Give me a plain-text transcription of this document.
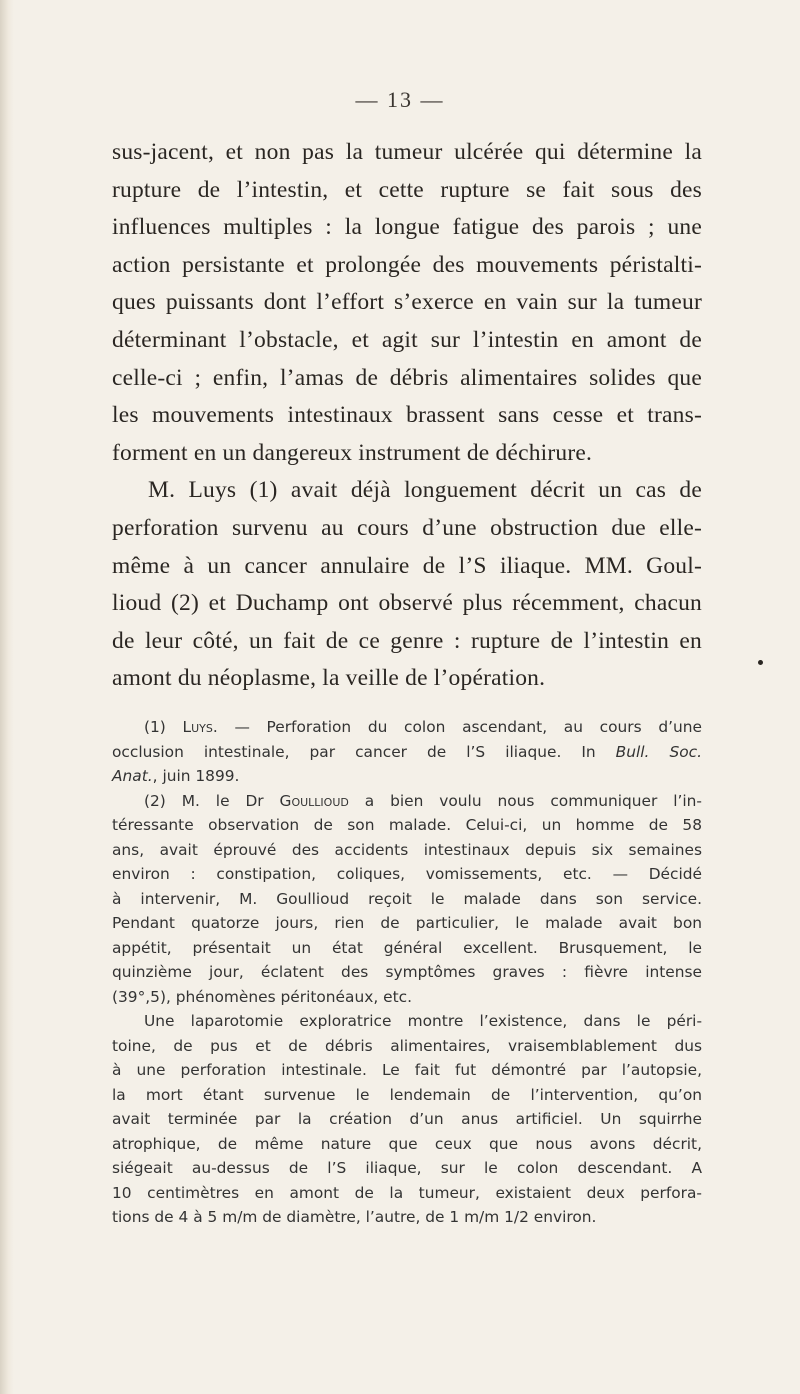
— 13 —
sus-jacent, et non pas la tumeur ulcérée qui détermine la
rupture de l’intestin, et cette rupture se fait sous des
influences multiples : la longue fatigue des parois ; une
action persistante et prolongée des mouvements péristalti-
ques puissants dont l’effort s’exerce en vain sur la tumeur
déterminant l’obstacle, et agit sur l’intestin en amont de
celle-ci ; enfin, l’amas de débris alimentaires solides que
les mouvements intestinaux brassent sans cesse et trans-
forment en un dangereux instrument de déchirure.
M. Luys (1) avait déjà longuement décrit un cas de
perforation survenu au cours d’une obstruction due elle-
même à un cancer annulaire de l’S iliaque. MM. Goul-
lioud (2) et Duchamp ont observé plus récemment, chacun
de leur côté, un fait de ce genre : rupture de l’intestin en
amont du néoplasme, la veille de l’opération.
(1) Luys. — Perforation du colon ascendant, au cours d’une
occlusion intestinale, par cancer de l’S iliaque. In Bull. Soc.
Anat., juin 1899.
(2) M. le Dr Goullioud a bien voulu nous communiquer l’in-
téressante observation de son malade. Celui-ci, un homme de 58
ans, avait éprouvé des accidents intestinaux depuis six semaines
environ : constipation, coliques, vomissements, etc. — Décidé
à intervenir, M. Goullioud reçoit le malade dans son service.
Pendant quatorze jours, rien de particulier, le malade avait bon
appétit, présentait un état général excellent. Brusquement, le
quinzième jour, éclatent des symptômes graves : fièvre intense
(39°,5), phénomènes péritonéaux, etc.
Une laparotomie exploratrice montre l’existence, dans le péri-
toine, de pus et de débris alimentaires, vraisemblablement dus
à une perforation intestinale. Le fait fut démontré par l’autopsie,
la mort étant survenue le lendemain de l’intervention, qu’on
avait terminée par la création d’un anus artificiel. Un squirrhe
atrophique, de même nature que ceux que nous avons décrit,
siégeait au-dessus de l’S iliaque, sur le colon descendant. A
10 centimètres en amont de la tumeur, existaient deux perfora-
tions de 4 à 5 m/m de diamètre, l’autre, de 1 m/m 1/2 environ.
